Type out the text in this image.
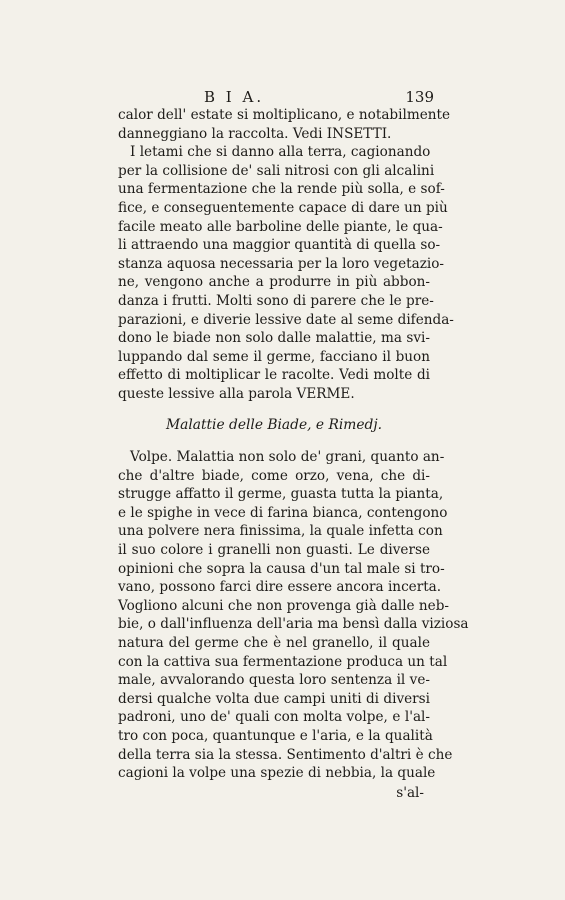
B I A.	139
calor dell' estate si moltiplicano, e notabilmente
danneggiano la raccolta. Vedi INSETTI.
I letami che si danno alla terra, cagionando
per la collisione de' sali nitrosi con gli alcalini
una fermentazione che la rende più solla, e sof-
fice, e conseguentemente capace di dare un più
facile meato alle barboline delle piante, le qua-
li attraendo una maggior quantità di quella so-
stanza aquosa necessaria per la loro vegetazio-
ne, vengono anche a produrre in più abbon-
danza i frutti. Molti sono di parere che le pre-
parazioni, e diverie lessive date al seme difenda-
dono le biade non solo dalle malattie, ma svi-
luppando dal seme il germe, facciano il buon
effetto di moltiplicar le racolte. Vedi molte di
queste lessive alla parola VERME.
Malattie delle Biade, e Rimedj.
Volpe. Malattia non solo de' grani, quanto an-
che d'altre biade, come orzo, vena, che di-
strugge affatto il germe, guasta tutta la pianta,
e le spighe in vece di farina bianca, contengono
una polvere nera finissima, la quale infetta con
il suo colore i granelli non guasti. Le diverse
opinioni che sopra la causa d'un tal male si tro-
vano, possono farci dire essere ancora incerta.
Vogliono alcuni che non provenga già dalle neb-
bie, o dall'influenza dell'aria ma bensì dalla viziosa
natura del germe che è nel granello, il quale
con la cattiva sua fermentazione produca un tal
male, avvalorando questa loro sentenza il ve-
dersi qualche volta due campi uniti di diversi
padroni, uno de' quali con molta volpe, e l'al-
tro con poca, quantunque e l'aria, e la qualità
della terra sia la stessa. Sentimento d'altri è che
cagioni la volpe una spezie di nebbia, la quale
s'al-
